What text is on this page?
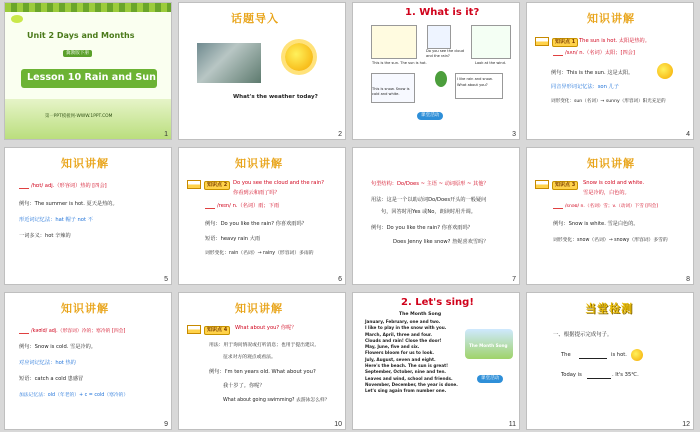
Unit 2 Days and Months
冀教版下册
Lesson 10 Rain and Sun
第一PPT模板网-WWW.1PPT.COM
1
话题导入
What's the weather today?
2
1. What is it?
This is the sun. The sun is hot.
Do you see the cloud and the rain?
Look at the wind.
This is snow. Snow is cold and white.
I like rain and snow. What about you?
课堂活动
3
知识讲解
知识点 1 The sun is hot. 太阳是热的。
/sʌn/ n.（名词）太阳；[四会]
例句：This is the sun. 这是太阳。
同音异形词记忆法：son 儿子
词形变化：sun（名词）→ sunny（形容词）阳光充足的
4
知识讲解
/hɒt/ adj.（形容词）热的 [四会]
例句：The summer is hot. 夏天是热的。
形近词记忆法：hat 帽子 not 不
一词多义：hot 辛辣的
5
知识讲解
知识点 2	Do you see the cloud and the rain?
你看到云和雨了吗？
/reɪn/ n.（名词）雨；下雨
例句：Do you like the rain? 你喜欢雨吗？
短语：heavy rain 大雨
词形变化：rain（名词）→ rainy（形容词）多雨的
6
句型结构：Do/Does ~ 主语 ~ 动词原形 ~ 其他？
用法：这是一个以助动词Do/Does开头的一般疑问
句，回答时用Yes 或No，朗读时用升调。
例句：Do you like the rain? 你喜欢雨吗？
Does Jenny like snow? 詹妮喜欢雪吗？
7
知识讲解
知识点 3	Snow is cold and white.
雪是冷的，白色的。
/snəʊ/ n.（名词）雪；v.（动词）下雪 [四会]
例句：Snow is white. 雪是白色的。
词形变化：snow（名词）→ snowy（形容词）多雪的
8
知识讲解
/kəʊld/ adj.（形容词）冷的；寒冷的 [四会]
例句：Snow is cold. 雪是冷的。
对应词记忆法：hot 热的
短语：catch a cold 患感冒
加法记忆法：old（年老的）+ c = cold（寒冷的）
9
知识讲解
知识点 4	What about you? 你呢？
用法：用于询问情况或打听消息；也用于提出建议、
征求对方的观点或看法。
例句：I'm ten years old. What about you?
我十岁了。你呢？
What about going swimming? 去游泳怎么样？
10
2. Let's sing!
The Month Song
January, February, one and two.
I like to play in the snow with you.
March, April, three and four.
Clouds and rain! Close the door!
May, June, five and six.
Flowers bloom for us to look.
July, August, seven and eight.
Here's the beach. The sun is great!
September, October, nine and ten.
Leaves and wind, school and friends.
November, December, the year is done.
Let's sing again from number one.
The Month Song
课堂活动
11
当堂检测
一、根据提示完成句子。
The	is hot.
Today is	. It's 35℃.
12
